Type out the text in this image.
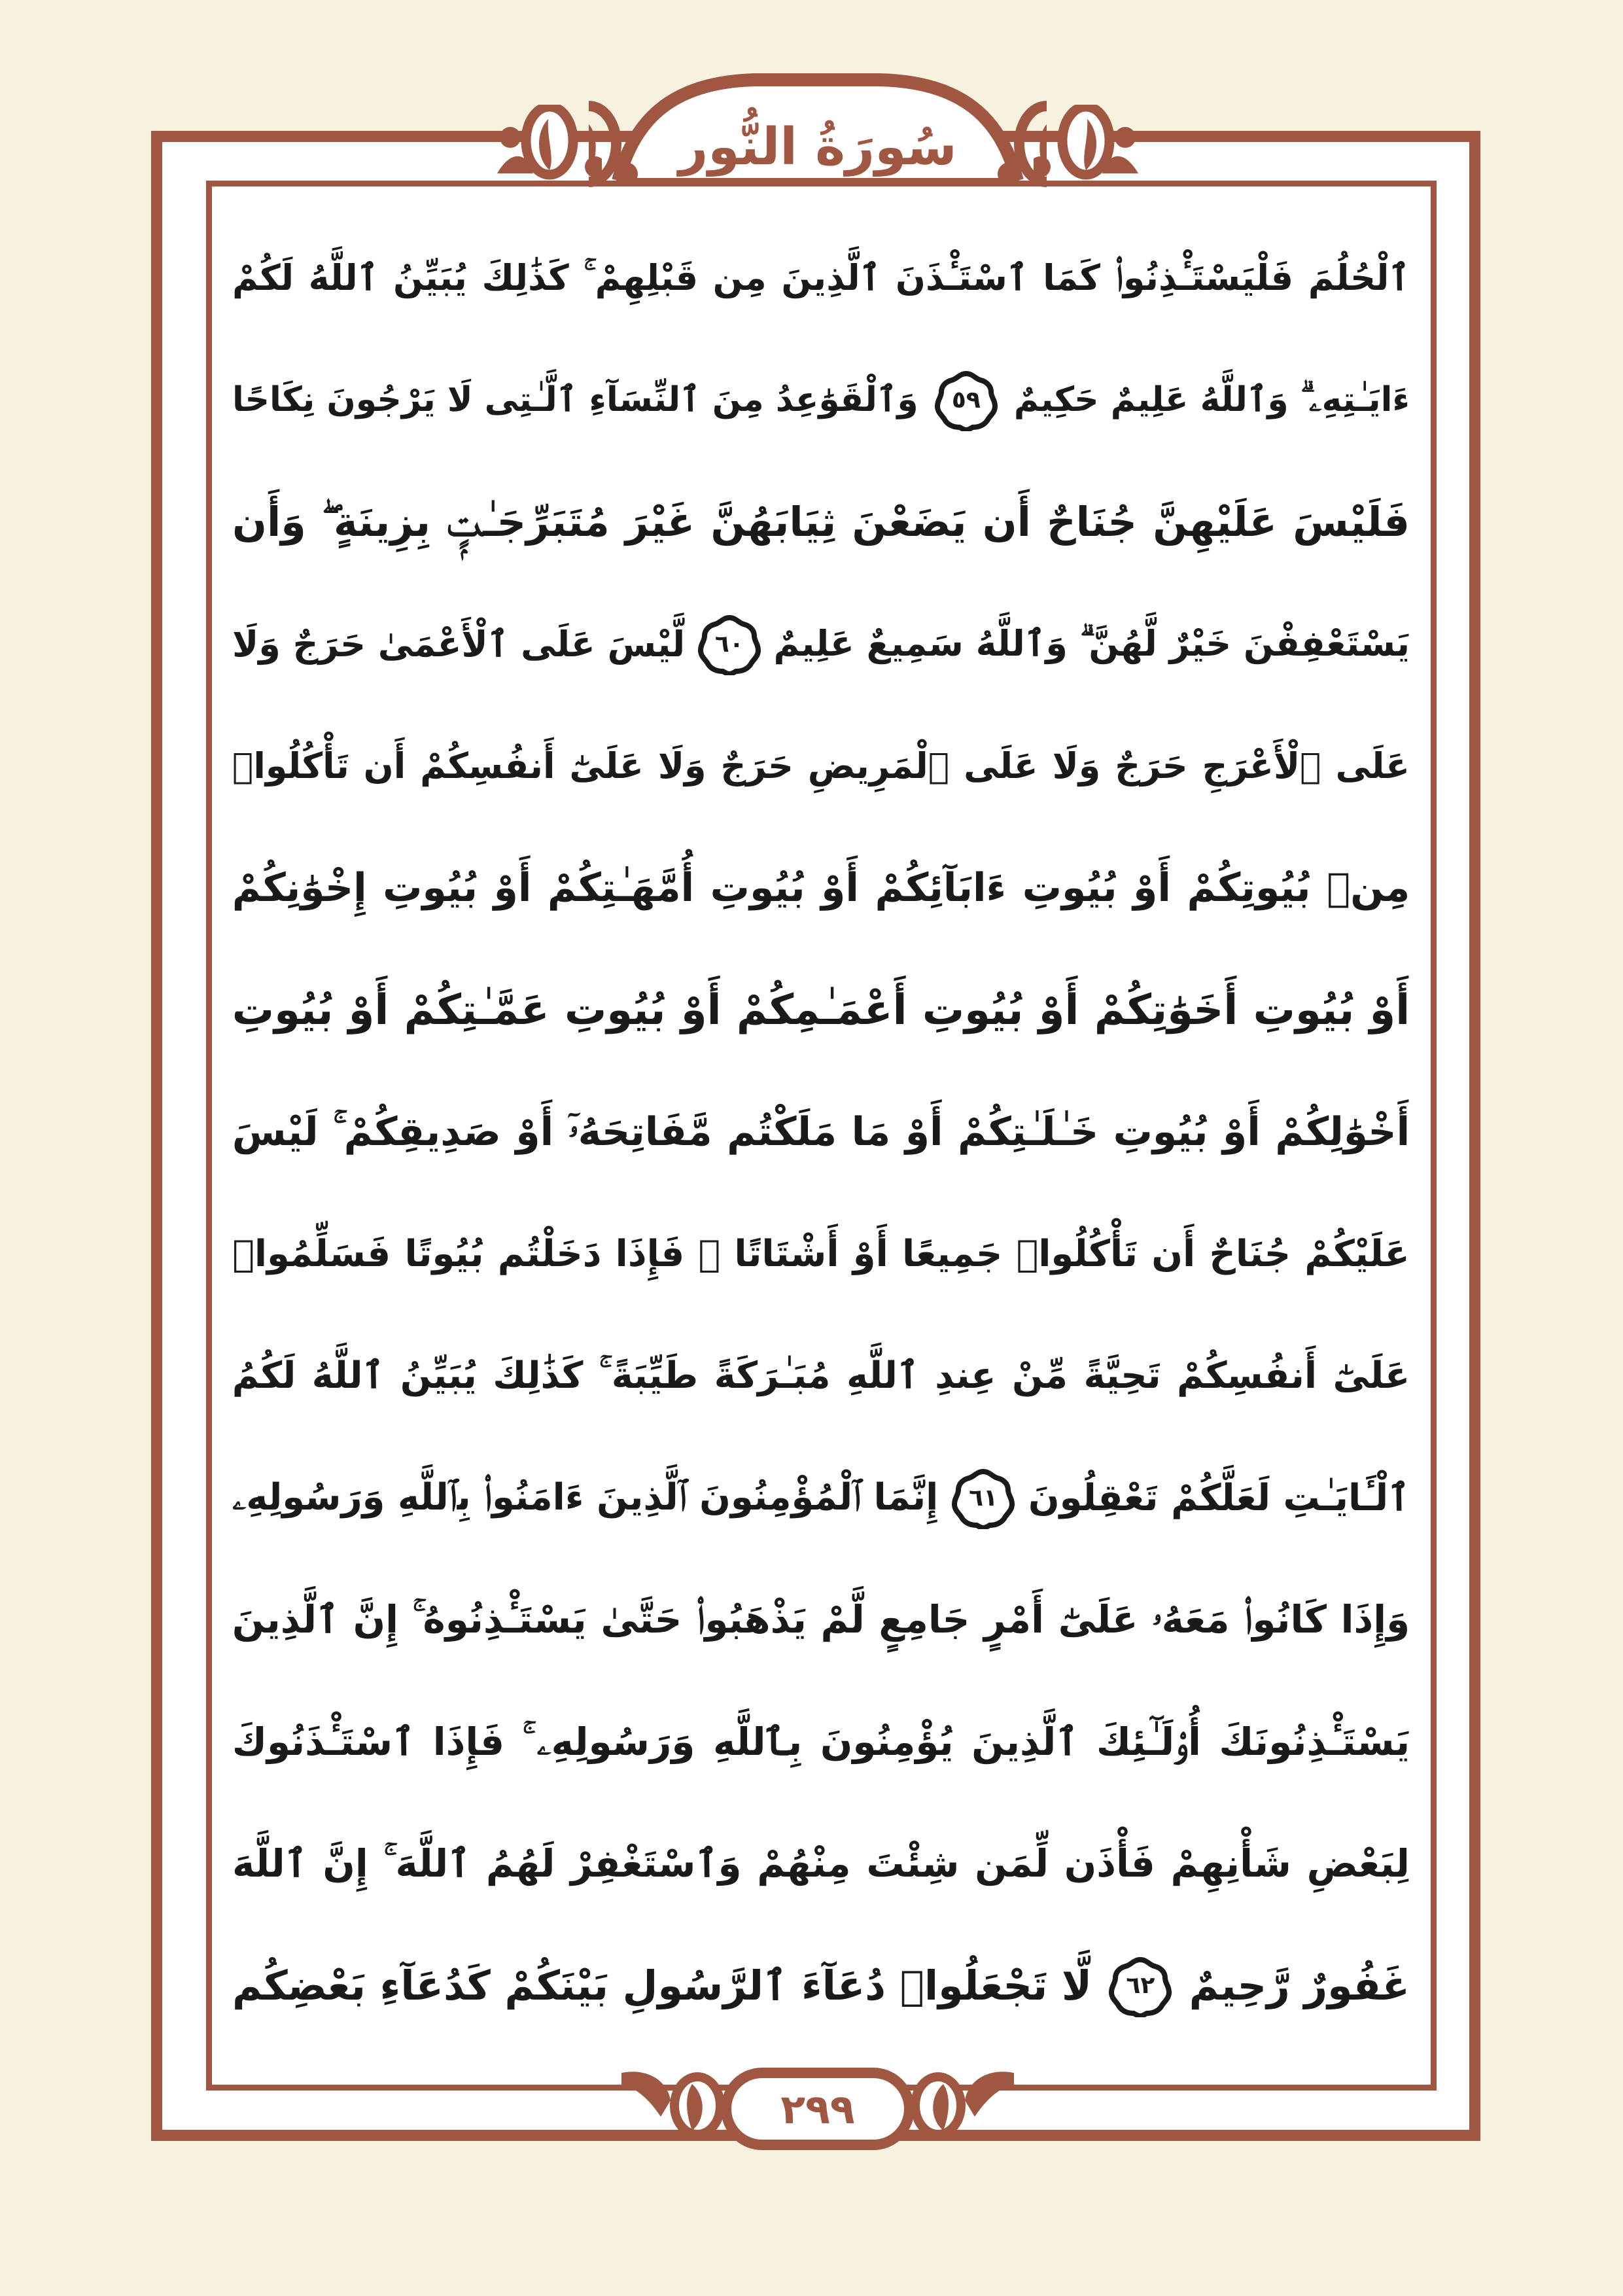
سُورَةُ النُّور
٢٩٩
ٱلْحُلُمَ فَلْيَسْتَـْٔذِنُوا۟ كَمَا ٱسْتَـْٔذَنَ ٱلَّذِينَ مِن قَبْلِهِمْ ۚ كَذَٰلِكَ يُبَيِّنُ ٱللَّهُ لَكُمْ
ءَايَـٰتِهِۦ ۗ وَٱللَّهُ عَلِيمٌ حَكِيمٌ
٥٩
وَٱلْقَوَٰعِدُ مِنَ ٱلنِّسَآءِ ٱلَّـٰتِى لَا يَرْجُونَ نِكَاحًا
فَلَيْسَ عَلَيْهِنَّ جُنَاحٌ أَن يَضَعْنَ ثِيَابَهُنَّ غَيْرَ مُتَبَرِّجَـٰتٍۭ بِزِينَةٍ ۖ وَأَن
يَسْتَعْفِفْنَ خَيْرٌ لَّهُنَّ ۗ وَٱللَّهُ سَمِيعٌ عَلِيمٌ
٦٠
لَّيْسَ عَلَى ٱلْأَعْمَىٰ حَرَجٌ وَلَا
عَلَى ٱلْأَعْرَجِ حَرَجٌ وَلَا عَلَى ٱلْمَرِيضِ حَرَجٌ وَلَا عَلَىٰٓ أَنفُسِكُمْ أَن تَأْكُلُوا۟
مِنۢ بُيُوتِكُمْ أَوْ بُيُوتِ ءَابَآئِكُمْ أَوْ بُيُوتِ أُمَّهَـٰتِكُمْ أَوْ بُيُوتِ إِخْوَٰنِكُمْ
أَوْ بُيُوتِ أَخَوَٰتِكُمْ أَوْ بُيُوتِ أَعْمَـٰمِكُمْ أَوْ بُيُوتِ عَمَّـٰتِكُمْ أَوْ بُيُوتِ
أَخْوَٰلِكُمْ أَوْ بُيُوتِ خَـٰلَـٰتِكُمْ أَوْ مَا مَلَكْتُم مَّفَاتِحَهُۥٓ أَوْ صَدِيقِكُمْ ۚ لَيْسَ
عَلَيْكُمْ جُنَاحٌ أَن تَأْكُلُوا۟ جَمِيعًا أَوْ أَشْتَاتًا ۚ فَإِذَا دَخَلْتُم بُيُوتًا فَسَلِّمُوا۟
عَلَىٰٓ أَنفُسِكُمْ تَحِيَّةً مِّنْ عِندِ ٱللَّهِ مُبَـٰرَكَةً طَيِّبَةً ۚ كَذَٰلِكَ يُبَيِّنُ ٱللَّهُ لَكُمُ
ٱلْـَٔايَـٰتِ لَعَلَّكُمْ تَعْقِلُونَ
٦١
إِنَّمَا ٱلْمُؤْمِنُونَ ٱلَّذِينَ ءَامَنُوا۟ بِٱللَّهِ وَرَسُولِهِۦ
وَإِذَا كَانُوا۟ مَعَهُۥ عَلَىٰٓ أَمْرٍ جَامِعٍ لَّمْ يَذْهَبُوا۟ حَتَّىٰ يَسْتَـْٔذِنُوهُ ۚ إِنَّ ٱلَّذِينَ
يَسْتَـْٔذِنُونَكَ أُو۟لَـٰٓئِكَ ٱلَّذِينَ يُؤْمِنُونَ بِٱللَّهِ وَرَسُولِهِۦ ۚ فَإِذَا ٱسْتَـْٔذَنُوكَ
لِبَعْضِ شَأْنِهِمْ فَأْذَن لِّمَن شِئْتَ مِنْهُمْ وَٱسْتَغْفِرْ لَهُمُ ٱللَّهَ ۚ إِنَّ ٱللَّهَ
غَفُورٌ رَّحِيمٌ
٦٢
لَّا تَجْعَلُوا۟ دُعَآءَ ٱلرَّسُولِ بَيْنَكُمْ كَدُعَآءِ بَعْضِكُم
